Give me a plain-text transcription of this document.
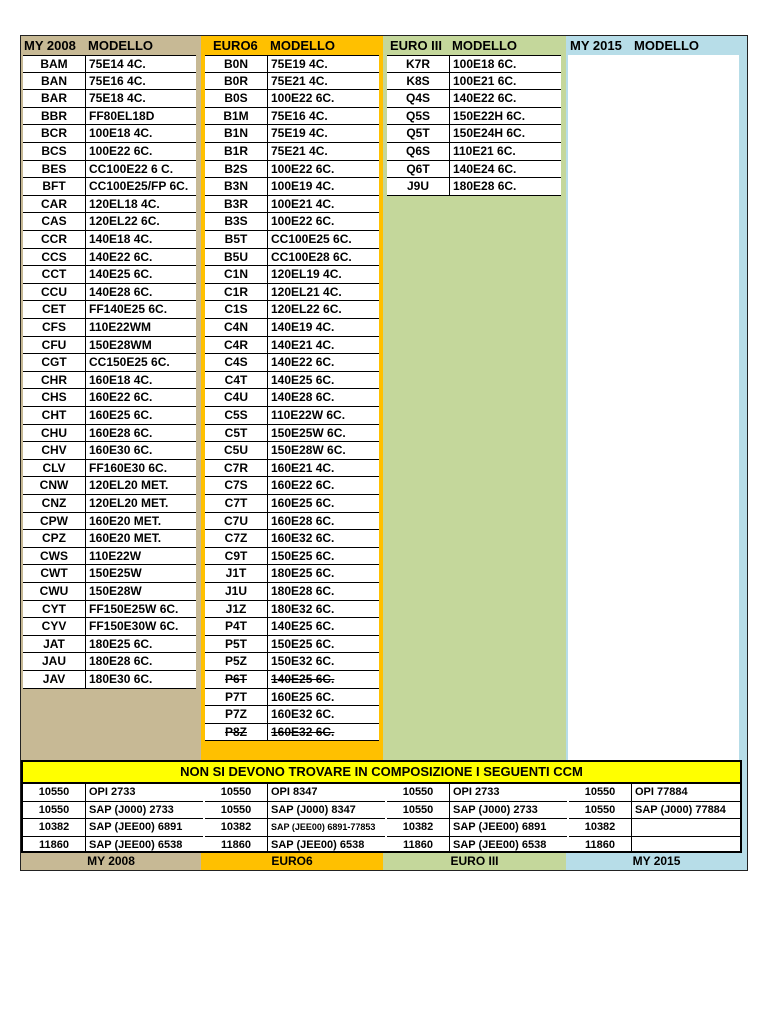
MY 2008 MODELLO
BAM	75E14 4C.
BAN	75E16 4C.
BAR	75E18 4C.
BBR	FF80EL18D
BCR	100E18 4C.
BCS	100E22 6C.
BES	CC100E22 6 C.
BFT	CC100E25/FP 6C.
CAR	120EL18 4C.
CAS	120EL22 6C.
CCR	140E18 4C.
CCS	140E22 6C.
CCT	140E25 6C.
CCU	140E28 6C.
CET	FF140E25 6C.
CFS	110E22WM
CFU	150E28WM
CGT	CC150E25 6C.
CHR	160E18 4C.
CHS	160E22 6C.
CHT	160E25 6C.
CHU	160E28 6C.
CHV	160E30 6C.
CLV	FF160E30 6C.
CNW	120EL20 MET.
CNZ	120EL20 MET.
CPW	160E20 MET.
CPZ	160E20 MET.
CWS	110E22W
CWT	150E25W
CWU	150E28W
CYT	FF150E25W 6C.
CYV	FF150E30W 6C.
JAT	180E25 6C.
JAU	180E28 6C.
JAV	180E30 6C.
EURO6 MODELLO
B0N	75E19 4C.
B0R	75E21 4C.
B0S	100E22 6C.
B1M	75E16 4C.
B1N	75E19 4C.
B1R	75E21 4C.
B2S	100E22 6C.
B3N	100E19 4C.
B3R	100E21 4C.
B3S	100E22 6C.
B5T	CC100E25 6C.
B5U	CC100E28 6C.
C1N	120EL19 4C.
C1R	120EL21 4C.
C1S	120EL22 6C.
C4N	140E19 4C.
C4R	140E21 4C.
C4S	140E22 6C.
C4T	140E25 6C.
C4U	140E28 6C.
C5S	110E22W 6C.
C5T	150E25W 6C.
C5U	150E28W 6C.
C7R	160E21 4C.
C7S	160E22 6C.
C7T	160E25 6C.
C7U	160E28 6C.
C7Z	160E32 6C.
C9T	150E25 6C.
J1T	180E25 6C.
J1U	180E28 6C.
J1Z	180E32 6C.
P4T	140E25 6C.
P5T	150E25 6C.
P5Z	150E32 6C.
P6T	140E25 6C.
P7T	160E25 6C.
P7Z	160E32 6C.
P8Z	160E32 6C.
EURO III MODELLO
K7R	100E18 6C.
K8S	100E21 6C.
Q4S	140E22 6C.
Q5S	150E22H 6C.
Q5T	150E24H 6C.
Q6S	110E21 6C.
Q6T	140E24 6C.
J9U	180E28 6C.
MY 2015 MODELLO
NON SI DEVONO TROVARE IN COMPOSIZIONE I SEGUENTI CCM
10550	OPI 2733
10550	SAP (J000) 2733
10382	SAP (JEE00) 6891
11860	SAP (JEE00) 6538
10550	OPI 8347
10550	SAP (J000) 8347
10382	SAP (JEE00) 6891-77853
11860	SAP (JEE00) 6538
10550	OPI 2733
10550	SAP (J000) 2733
10382	SAP (JEE00) 6891
11860	SAP (JEE00) 6538
10550	OPI 77884
10550	SAP (J000) 77884
10382
11860
MY 2008	EURO6	EURO III	MY 2015
